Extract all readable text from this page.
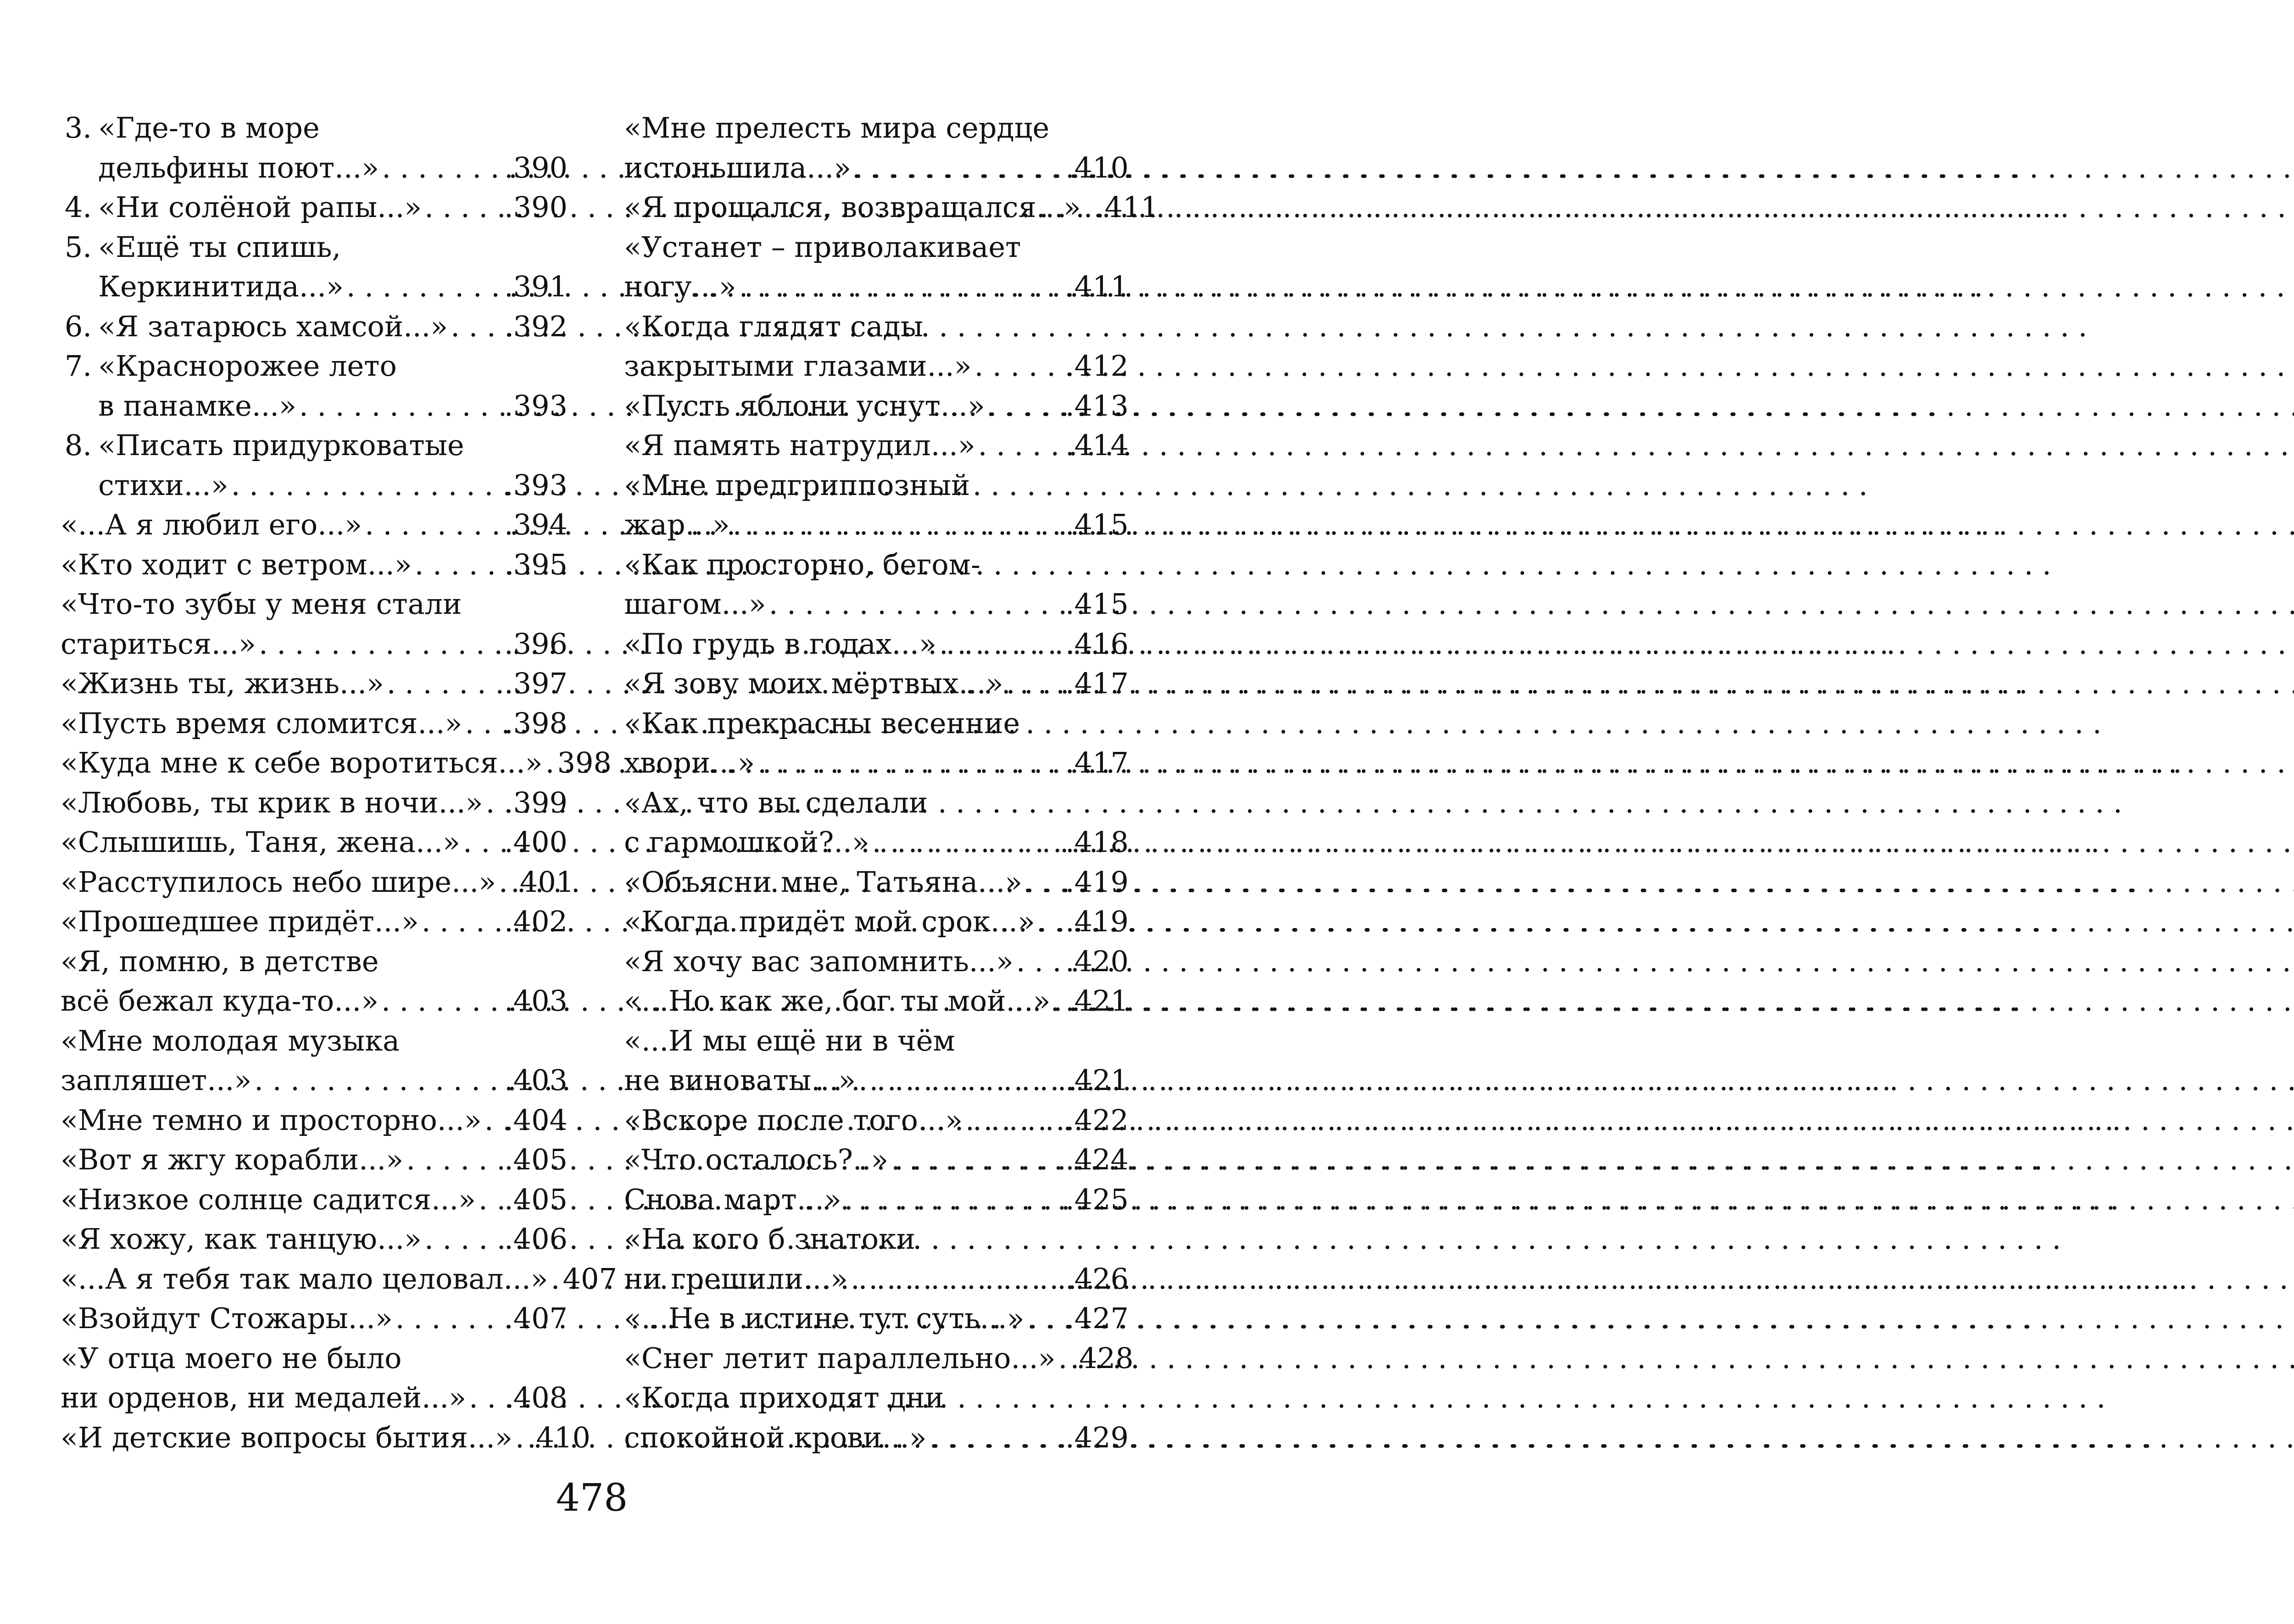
3. «Где-то в море
дельфины поют...» . . .	.390
4. «Ни солёной рапы...» . . .	.390
5. «Ещё ты спишь,
Керкинитида...» . . .	.391
6. «Я затарюсь хамсой...» . . . .392
7. «Краснорожее лето
в панамке...» . . .	.393
8. «Писать придурковатые
стихи...» . . .	.393
«...А я любил его...» . . .	.394
«Кто ходит с ветром...» . . .	.395
«Что-то зубы у меня стали
стариться...» . . .	.396
«Жизнь ты, жизнь...» . . .	.397
«Пусть время сломится...» . . . .398
«Куда мне к себе воротиться...» . . . 398
«Любовь, ты крик в ночи...» . . . .399
«Слышишь, Таня, жена...» . . . .400
«Расступилось небо шире...» . . . .401
«Прошедшее придёт...» . . .	.402
«Я, помню, в детстве
всё бежал куда-то...» . . .	.403
«Мне молодая музыка
запляшет...» . . .	.403
«Мне темно и просторно...» . . . .404
«Вот я жгу корабли...» . . .	.405
«Низкое солнце садится...» . . . .405
«Я хожу, как танцую...» . . .	.406
«...А я тебя так мало целовал...» . . . 407
«Взойдут Стожары...» . . .	.407
«У отца моего не было
ни орденов, ни медалей...» . . . .408
«И детские вопросы бытия...» . . . .410
«Мне прелесть мира сердце
истоньшила...» . . .	.410
«Я прощался, возвращался...» . . . .411
«Устанет – приволакивает
ногу...» . . .	.411
«Когда глядят сады
закрытыми глазами...» . . .	.412
«Пусть яблони уснут...» . . .	.413
«Я память натрудил...» . . .	.414
«Мне предгриппозный
жар...» . . .	.415
«Как просторно, бегом-
шагом...» . . .	.415
«По грудь в годах...» . . .	.416
«Я зову моих мёртвых...» . . . .417
«Как прекрасны весенние
хвори...» . . .	.417
«Ах, что вы сделали
с гармошкой?..» . . .	.418
«Объясни мне, Татьяна...» . . . .419
«Когда придёт мой срок...» . . . .419
«Я хочу вас запомнить...» . . . .420
«...Но как же, бог ты мой...» . . . .421
«...И мы ещё ни в чём
не виноваты...» . . .	.421
«Вскоре после того...» . . .	.422
«Что осталось?..» . . .	.424
Снова март...» . . .	.425
«На кого б знатоки
ни грешили...» . . .	.426
«...Не в истине тут суть...» . . . .427
«Снег летит параллельно...» . . . .428
«Когда приходят дни
спокойной крови...» . . .	.429
478
